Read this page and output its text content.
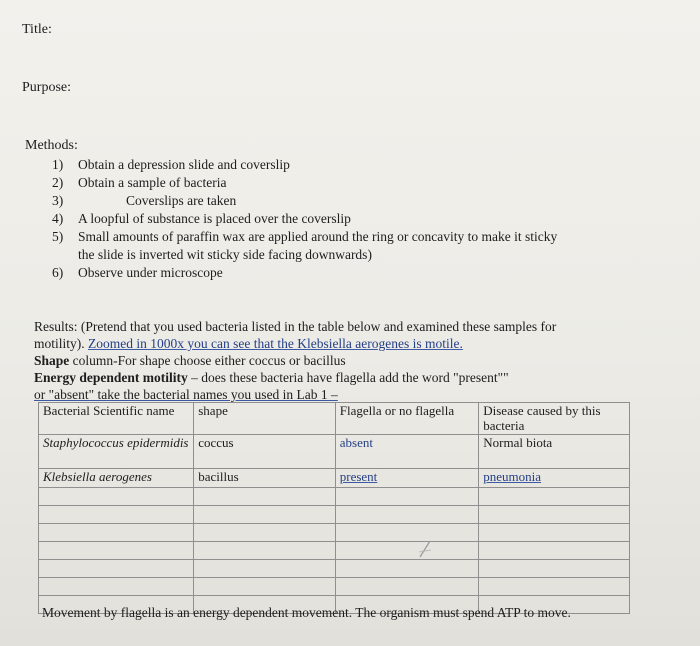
Title:
Purpose:
Methods:
1) Obtain a depression slide and coverslip
2) Obtain a sample of bacteria
3)	Coverslips are taken
4) A loopful of substance is placed over the coverslip
5) Small amounts of paraffin wax are applied around the ring or concavity to make it sticky
the slide is inverted wit sticky side facing downwards)
6) Observe under microscope
Results: (Pretend that you used bacteria listed in the table below and examined these samples for
motility). Zoomed in 1000x you can see that the Klebsiella aerogenes is motile.
Shape column-For shape choose either coccus or bacillus
Energy dependent motility – does these bacteria have flagella add the word "present""
or "absent" take the bacterial names you used in Lab 1 –
Bacterial Scientific name	shape	Flagella or no flagella	Disease caused by this bacteria
Staphylococcus epidermidis	coccus	absent	Normal biota
Klebsiella aerogenes	bacillus	present	pneumonia

Movement by flagella is an energy dependent movement. The organism must spend ATP to move.
